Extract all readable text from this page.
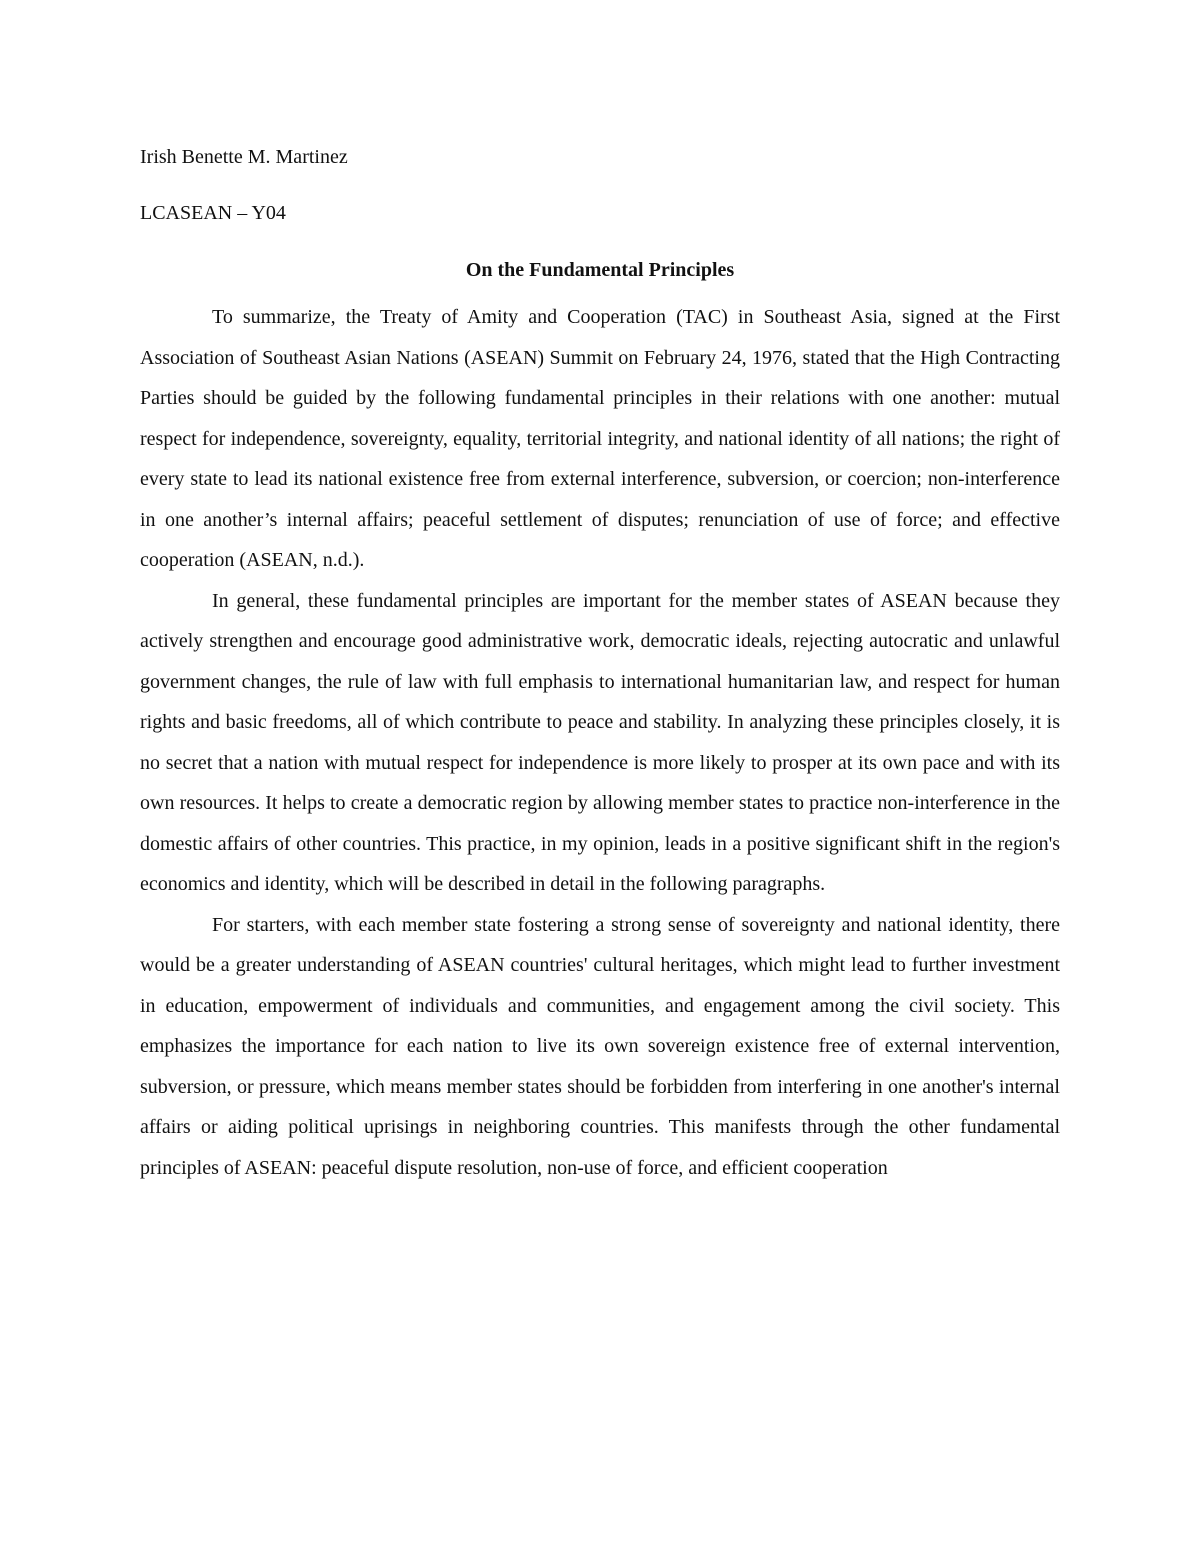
Irish Benette M. Martinez

LCASEAN – Y04

On the Fundamental Principles

To summarize, the Treaty of Amity and Cooperation (TAC) in Southeast Asia, signed at the First Association of Southeast Asian Nations (ASEAN) Summit on February 24, 1976, stated that the High Contracting Parties should be guided by the following fundamental principles in their relations with one another: mutual respect for independence, sovereignty, equality, territorial integrity, and national identity of all nations; the right of every state to lead its national existence free from external interference, subversion, or coercion; non-interference in one another’s internal affairs; peaceful settlement of disputes; renunciation of use of force; and effective cooperation (ASEAN, n.d.).

In general, these fundamental principles are important for the member states of ASEAN because they actively strengthen and encourage good administrative work, democratic ideals, rejecting autocratic and unlawful government changes, the rule of law with full emphasis to international humanitarian law, and respect for human rights and basic freedoms, all of which contribute to peace and stability. In analyzing these principles closely, it is no secret that a nation with mutual respect for independence is more likely to prosper at its own pace and with its own resources. It helps to create a democratic region by allowing member states to practice non-interference in the domestic affairs of other countries. This practice, in my opinion, leads in a positive significant shift in the region's economics and identity, which will be described in detail in the following paragraphs.

For starters, with each member state fostering a strong sense of sovereignty and national identity, there would be a greater understanding of ASEAN countries' cultural heritages, which might lead to further investment in education, empowerment of individuals and communities, and engagement among the civil society. This emphasizes the importance for each nation to live its own sovereign existence free of external intervention, subversion, or pressure, which means member states should be forbidden from interfering in one another's internal affairs or aiding political uprisings in neighboring countries. This manifests through the other fundamental principles of ASEAN: peaceful dispute resolution, non-use of force, and efficient cooperation
